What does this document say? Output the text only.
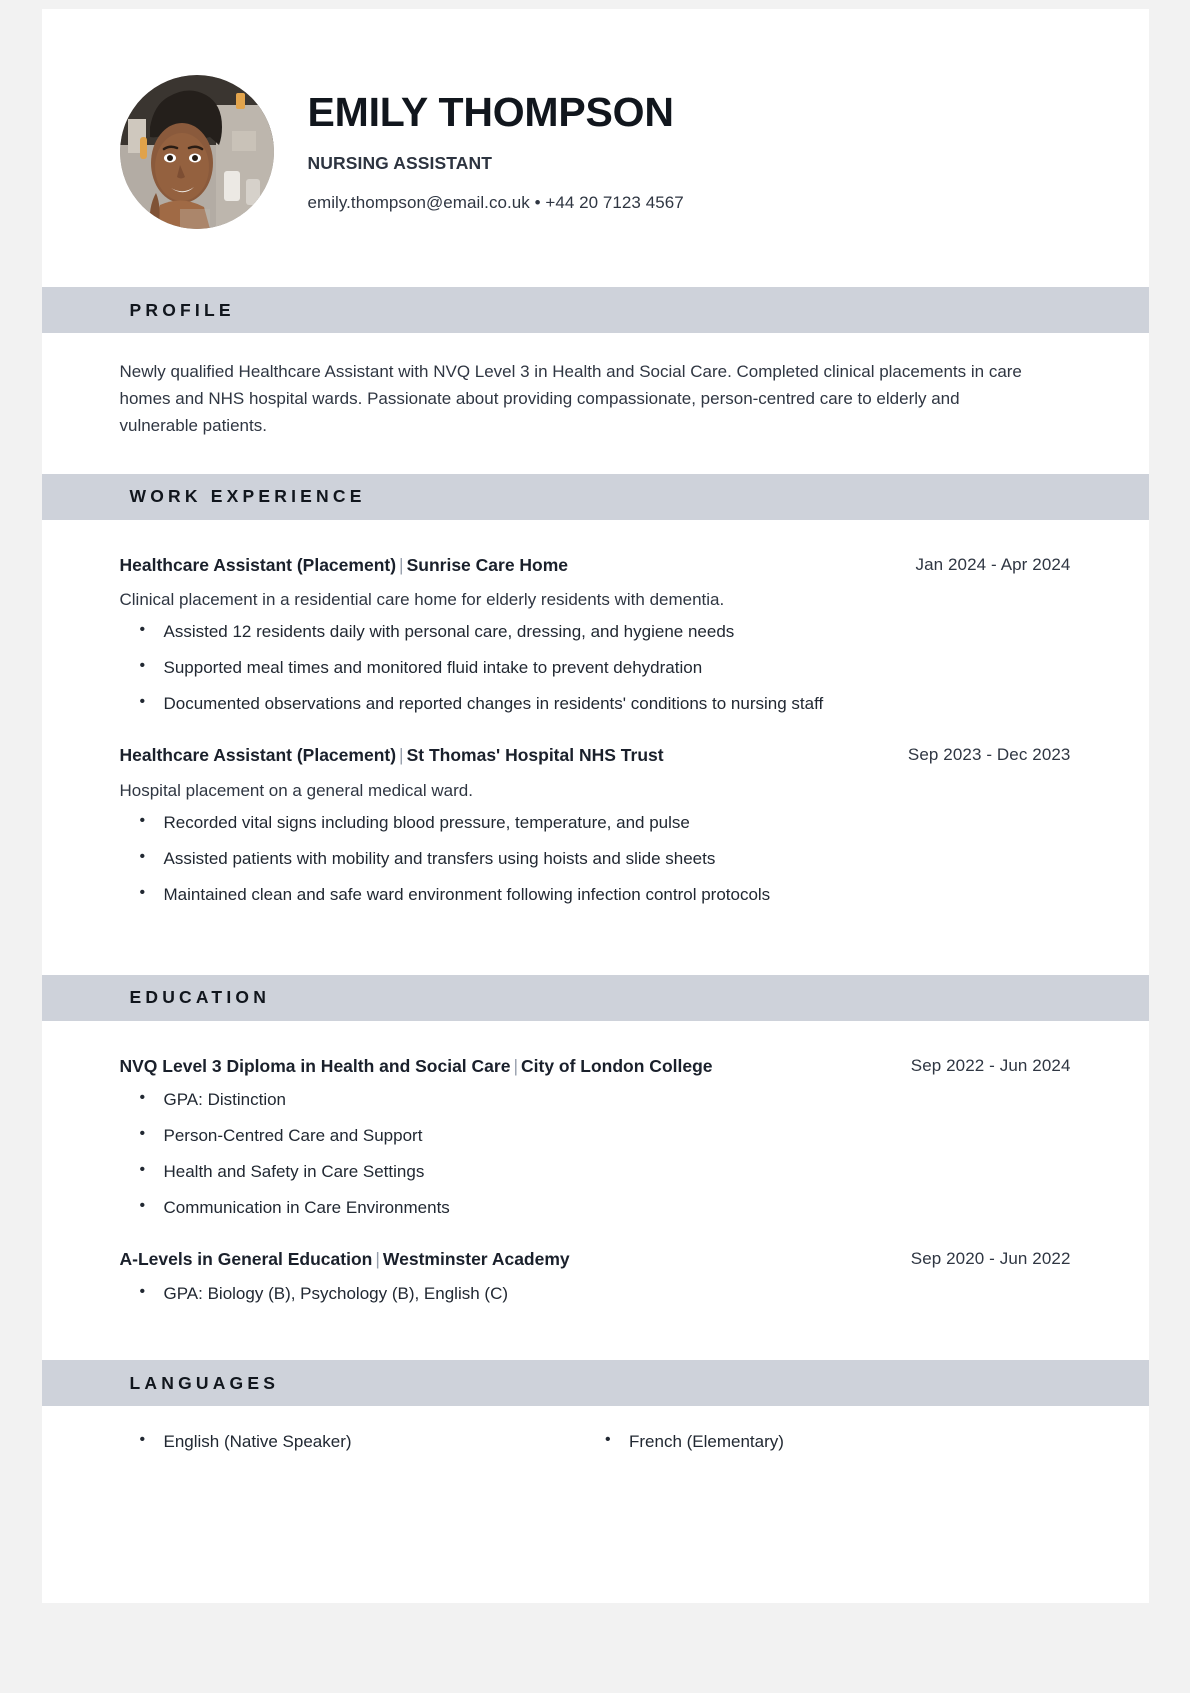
EMILY THOMPSON
NURSING ASSISTANT
emily.thompson@email.co.uk • +44 20 7123 4567
PROFILE

Newly qualified Healthcare Assistant with NVQ Level 3 in Health and Social Care. Completed clinical placements in care homes and NHS hospital wards. Passionate about providing compassionate, person-centred care to elderly and vulnerable patients.

WORK EXPERIENCE
Healthcare Assistant (Placement) | Sunrise Care Home	Jan 2024 - Apr 2024
Clinical placement in a residential care home for elderly residents with dementia.
• Assisted 12 residents daily with personal care, dressing, and hygiene needs
• Supported meal times and monitored fluid intake to prevent dehydration
• Documented observations and reported changes in residents' conditions to nursing staff
Healthcare Assistant (Placement) | St Thomas' Hospital NHS Trust	Sep 2023 - Dec 2023
Hospital placement on a general medical ward.
• Recorded vital signs including blood pressure, temperature, and pulse
• Assisted patients with mobility and transfers using hoists and slide sheets
• Maintained clean and safe ward environment following infection control protocols
EDUCATION
NVQ Level 3 Diploma in Health and Social Care | City of London College	Sep 2022 - Jun 2024
• GPA: Distinction
• Person-Centred Care and Support
• Health and Safety in Care Settings
• Communication in Care Environments
A-Levels in General Education | Westminster Academy	Sep 2020 - Jun 2022
• GPA: Biology (B), Psychology (B), English (C)
LANGUAGES
• English (Native Speaker)	• French (Elementary)
